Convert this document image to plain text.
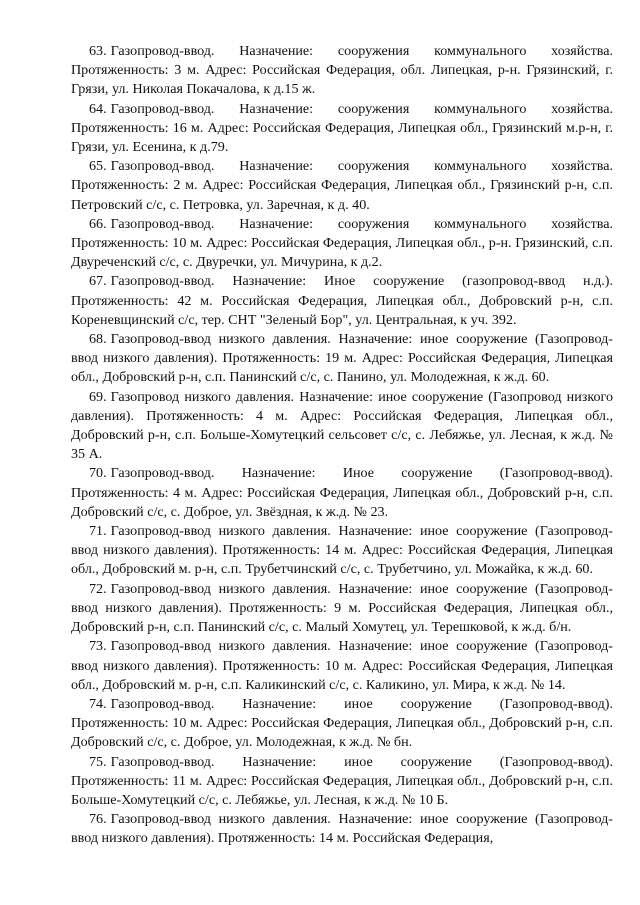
63. Газопровод-ввод. Назначение: сооружения коммунального хозяйства. Протяженность: 3 м. Адрес: Российская Федерация, обл. Липецкая, р-н. Грязинский, г. Грязи, ул. Николая Покачалова, к д.15 ж.

64. Газопровод-ввод. Назначение: сооружения коммунального хозяйства. Протяженность: 16 м. Адрес: Российская Федерация, Липецкая обл., Грязинский м.р-н, г. Грязи, ул. Есенина, к д.79.

65. Газопровод-ввод. Назначение: сооружения коммунального хозяйства. Протяженность: 2 м. Адрес: Российская Федерация, Липецкая обл., Грязинский р-н, с.п. Петровский с/с, с. Петровка, ул. Заречная, к д. 40.

66. Газопровод-ввод. Назначение: сооружения коммунального хозяйства. Протяженность: 10 м. Адрес: Российская Федерация, Липецкая обл., р-н. Грязинский, с.п. Двуреченский с/с, с. Двуречки, ул. Мичурина, к д.2.

67. Газопровод-ввод. Назначение: Иное сооружение (газопровод-ввод н.д.). Протяженность: 42 м. Российская Федерация, Липецкая обл., Добровский р-н, с.п. Кореневщинский с/с, тер. СНТ "Зеленый Бор", ул. Центральная, к уч. 392.

68. Газопровод-ввод низкого давления. Назначение: иное сооружение (Газопровод-ввод низкого давления). Протяженность: 19 м. Адрес: Российская Федерация, Липецкая обл., Добровский р-н, с.п. Панинский с/с, с. Панино, ул. Молодежная, к ж.д. 60.

69. Газопровод низкого давления. Назначение: иное сооружение (Газопровод низкого давления). Протяженность: 4 м. Адрес: Российская Федерация, Липецкая обл., Добровский р-н, с.п. Больше-Хомутецкий сельсовет с/с, с. Лебяжье, ул. Лесная, к ж.д. № 35 А.

70. Газопровод-ввод. Назначение: Иное сооружение (Газопровод-ввод). Протяженность: 4 м. Адрес: Российская Федерация, Липецкая обл., Добровский р-н, с.п. Добровский с/с, с. Доброе, ул. Звёздная, к ж.д. № 23.

71. Газопровод-ввод низкого давления. Назначение: иное сооружение (Газопровод-ввод низкого давления). Протяженность: 14 м. Адрес: Российская Федерация, Липецкая обл., Добровский м. р-н, с.п. Трубетчинский с/с, с. Трубетчино, ул. Можайка, к ж.д. 60.

72. Газопровод-ввод низкого давления. Назначение: иное сооружение (Газопровод-ввод низкого давления). Протяженность: 9 м. Российская Федерация, Липецкая обл., Добровский р-н, с.п. Панинский с/с, с. Малый Хомутец, ул. Терешковой, к ж.д. б/н.

73. Газопровод-ввод низкого давления. Назначение: иное сооружение (Газопровод-ввод низкого давления). Протяженность: 10 м. Адрес: Российская Федерация, Липецкая обл., Добровский м. р-н, с.п. Каликинский с/с, с. Каликино, ул. Мира, к ж.д. № 14.

74. Газопровод-ввод. Назначение: иное сооружение (Газопровод-ввод). Протяженность: 10 м. Адрес: Российская Федерация, Липецкая обл., Добровский р-н, с.п. Добровский с/с, с. Доброе, ул. Молодежная, к ж.д. № бн.

75. Газопровод-ввод. Назначение: иное сооружение (Газопровод-ввод). Протяженность: 11 м. Адрес: Российская Федерация, Липецкая обл., Добровский р-н, с.п. Больше-Хомутецкий с/с, с. Лебяжье, ул. Лесная, к ж.д. № 10 Б.

76. Газопровод-ввод низкого давления. Назначение: иное сооружение (Газопровод-ввод низкого давления). Протяженность: 14 м. Российская Федерация,
